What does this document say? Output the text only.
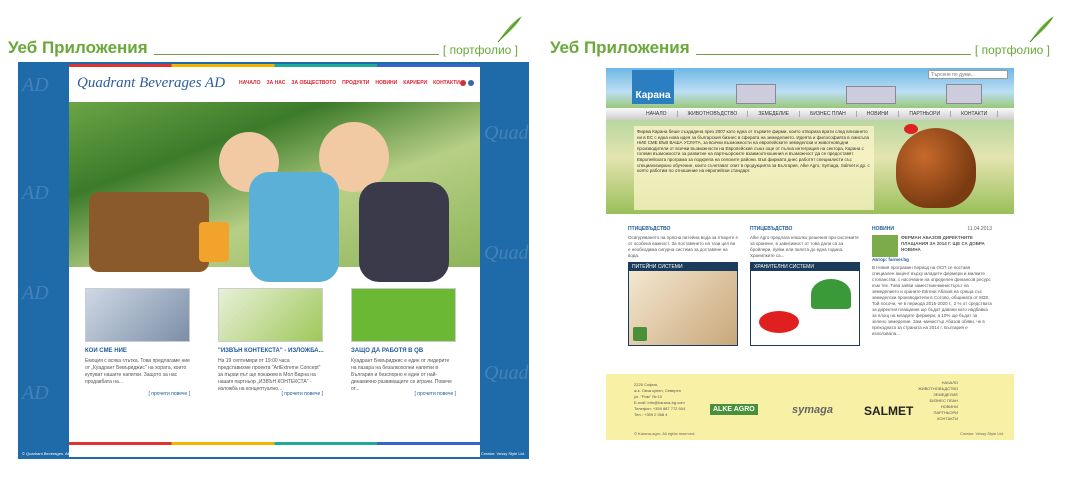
Уеб Приложения	[ портфолио ] Уеб Приложения	[ портфолио ]
AD
AD
AD
AD
Quadrant
Quadrant
Quadrant
Quadrant Beverages AD	НАЧАЛО ЗА НАС ЗА ОБЩЕСТВОТО ПРОДУКТИ НОВИНИ КАРИЕРИ КОНТАКТИ
КОИ СМЕ НИЕ
Емоция с всяка глътка. Това предлагаме ние от „Куадрант Бевъриджис" на хората, които купуват нашите напитки. Защото за нас продавбата на...
[ прочети повече ]
"ИЗВЪН КОНТЕКСТА" - ИЗЛОЖБА...
На 19 септември от 19:00 часа представихме проекта "ArtExtreme Concept" за първи път ще покажем в Мол Варна на нашия партньор „ИЗВЪН КОНТЕКСТА" - изложба на концептуално...
[ прочети повече ]
ЗАЩО ДА РАБОТЯ В QB
Куадрант Бевъриджис е един от лидерите на пазара на безалкохолни напитки в България и безспорно е един от най-динамично развиващите се играчи. Повече от...
[ прочети повече ]
© Quadrant Beverages. All rights reserved.	Creator: Vessy Style Ltd.
Карана
Търсене по думи...
НАЧАЛО	ЖИВОТНОВЪДСТВО	ЗЕМЕДЕЛИЕ	БИЗНЕС ПЛАН	НОВИНИ	ПАРТНЬОРИ	КОНТАКТИ
Фирма Карана беше създадена през 2007 като една от първите фирми, които отвориха врати след влизането ни в ЕС с една нова идея за българския бизнес в сферата на земеделието. Идеята и философията в смисъла НИЕ СМЕ ВЪВ ВАША УСЛУГА, за всички възможности на европейските земеделски и животновъдни производители от всички възможности на Европейския съюз още от пълна интеграция на сектора, Карана с големи възможности за развитие на партньорските взаимоотношения и възможност да се предоставят Европейската програма за подкрепа на селските райони. Във фирмата днес работят специалисти със специализирано обучение, които съчетават опит в продукцията за България, Alke Agro, Symaga, Salmet и др. с която работим по отношение на европейски стандарт.
ПТИЦЕВЪДСТВО
Осигуряването на прясна питейна вода за птиците е от особена важност. За поставянето на тази цел ви е необходима сигурна система за доставяне на вода.
ПИТЕЙНИ СИСТЕМИ
ПТИЦЕВЪДСТВО
Alke Agro предлага няколко решения при системите за хранене, в зависимост от това дали са за бройлери, пуйки или пилета до една година. Хранилките са...
ХРАНИТЕЛНИ СИСТЕМИ
НОВИНИ	11.04.2013
ФЕРМАН АБАЗОВ ДИРЕКТНИТЕ ПЛАЩАНИЯ ЗА 2014 Г. ЩЕ СА ДОБРА НОВИНА
Автор: farmer.bg
В Новия програмен период на ОСП се поставя специален акцент върху младите фермери и малките стопанства, с насочване на определен финансов ресурс към тях. Това заяви заместник-министърът на земеделието и храните Евгени Абазов на среща със земеделски производители в Сотово, общината от МЗХ. Той посочи, че в периода 2015-2020 г., 2 % от средствата за директни плащания ще бъдат давани като надбавка за площ на младите фермери, а 10% ще бъдат за зелено земеделие. Зам.-министър Абазов обяви, че в преходната за страната на 2014 г. България е използвала...
2225 София,
ж.к. Овча купел, Северен
ул. "Рим" № 10
E-mail: info@karana-bg.com
Телефон: +359 887 772 504
Тел.: +359 2 988 4
ALKE AGRO	symaga	SALMET
НАЧАЛО
ЖИВОТНОВЪДСТВО
ЗЕМЕДЕЛИЕ
БИЗНЕС ПЛАН
НОВИНИ
ПАРТНЬОРИ
КОНТАКТИ
© Karana-agro. All rights reserved.	Creator: Vessy Style Ltd.
